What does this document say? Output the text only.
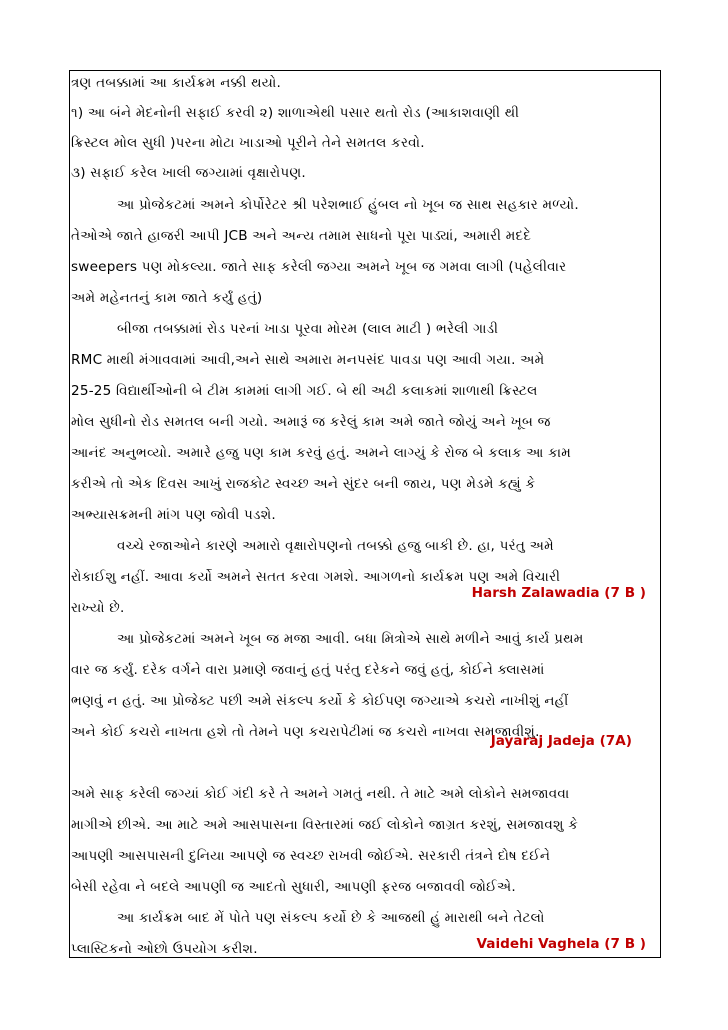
ત્રણ તબક્કામાં આ કાર્યક્રમ નક્કી થયો.
૧) આ બંને મેદનોની સફાઈ કરવી ૨) શાળાએથી પસાર થતો રોડ (આકાશવાણી થી
ક્રિસ્ટલ મોલ સુધી )પરના મોટા ખાડાઓ પૂરીને તેને સમતલ કરવો.
૩) સફાઈ કરેલ ખાલી જગ્યામાં વૃક્ષારોપણ.
આ પ્રોજેકટમાં અમને કોર્પોરેટર શ્રી પરેશભાઈ હુંબલ નો ખૂબ જ સાથ સહકાર મળ્યો.
તેઓએ જાતે હાજરી આપી JCB અને અન્ય તમામ સાધનો પૂરા પાડ્યાં, અમારી મદદે
sweepers પણ મોકલ્યા. જાતે સાફ કરેલી જગ્યા અમને ખૂબ જ ગમવા લાગી (પહેલીવાર
અમે મહેનતનું કામ જાતે કર્યું હતું)
બીજા તબક્કામાં રોડ પરનાં ખાડા પૂરવા મોરમ (લાલ માટી ) ભરેલી ગાડી
RMC માથી મંગાવવામાં આવી,અને સાથે અમારા મનપસંદ પાવડા પણ આવી ગયા. અમે
25-25 વિદ્યાર્થીઓની બે ટીમ કામમાં લાગી ગઈ. બે થી અઢી કલાકમાં શાળાથી ક્રિસ્ટલ
મોલ સુધીનો રોડ સમતલ બની ગયો. અમારૂં જ કરેલું કામ અમે જાતે જોયું અને ખૂબ જ
આનંદ અનુભવ્યો. અમારે હજુ પણ કામ કરવું હતું. અમને લાગ્યું કે રોજ બે કલાક આ કામ
કરીએ તો એક દિવસ આખું રાજકોટ સ્વચ્છ અને સુંદર બની જાય, પણ મેડમે કહ્યું કે
અભ્યાસક્રમની માંગ પણ જોવી પડશે.
વચ્ચે રજાઓને કારણે અમારો વૃક્ષારોપણનો તબક્કો હજુ બાકી છે. હા, પરંતુ અમે
રોકાઈશુ નહીં. આવા કર્યો અમને સતત કરવા ગમશે. આગળનો કાર્યક્રમ પણ અમે વિચારી
રાખ્યો છે.
આ પ્રોજેકટમાં અમને ખૂબ જ મજા આવી. બધા મિત્રોએ સાથે મળીને આવું કાર્ય પ્રથમ
વાર જ કર્યું. દરેક વર્ગને વારા પ્રમાણે જવાનું હતું પરંતુ દરેકને જવું હતું, કોઈને ક્લાસમાં
ભણવું ન હતું. આ પ્રોજેક્ટ પછી અમે સંકલ્પ કર્યો કે કોઈપણ જગ્યાએ કચરો નાખીશું નહીં
અને કોઈ કચરો નાખતા હશે તો તેમને પણ કચરાપેટીમાં જ કચરો નાખવા સમજાવીશું.
અમે સાફ કરેલી જગ્યાં કોઈ ગંદી કરે તે અમને ગમતું નથી. તે માટે અમે લોકોને સમજાવવા
માગીએ છીએ. આ માટે અમે આસપાસના વિસ્તારમાં જઈ લોકોને જાગ્રત કરશું, સમજાવશુ કે
આપણી આસપાસની દુનિયા આપણે જ સ્વચ્છ રાખવી જોઈએ. સરકારી તંત્રને દોષ દઈને
બેસી રહેવા ને બદલે આપણી જ આદતો સુધારી, આપણી ફરજ બજાવવી જોઈએ.
આ કાર્યક્રમ બાદ મેં પોતે પણ સંકલ્પ કર્યો છે કે આજથી હું મારાથી બને તેટલો
પ્લાસ્ટિકનો ઓછો ઉપયોગ કરીશ.
Harsh Zalawadia (7 B )
Jayaraj Jadeja (7A)
Vaidehi Vaghela (7 B )
